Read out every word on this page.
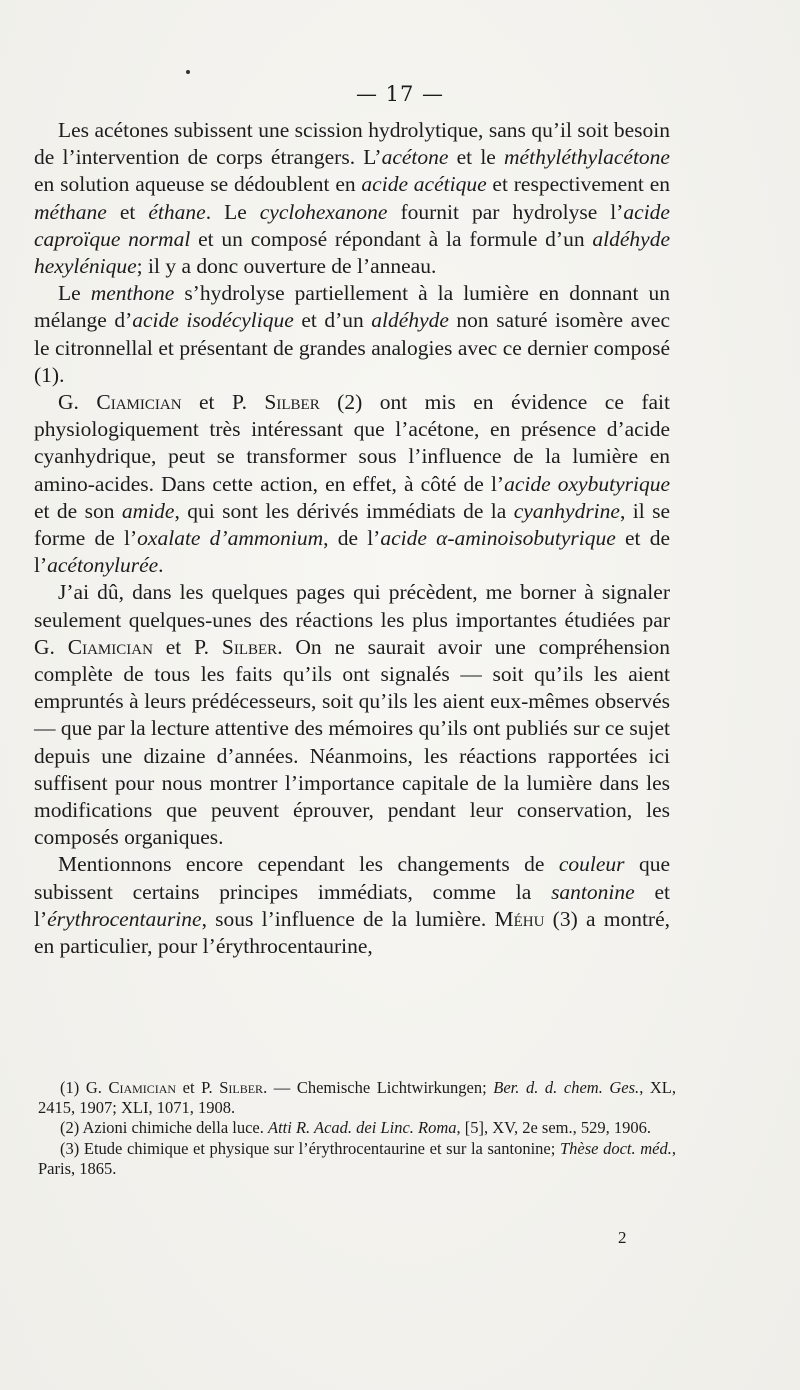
— 17 —

Les acétones subissent une scission hydrolytique, sans qu’il soit besoin de l’intervention de corps étrangers. L’acétone et le méthyléthylacétone en solution aqueuse se dédoublent en acide acétique et respectivement en méthane et éthane. Le cyclohexanone fournit par hydrolyse l’acide caproïque normal et un composé répondant à la formule d’un aldéhyde hexylénique; il y a donc ouverture de l’anneau.

Le menthone s’hydrolyse partiellement à la lumière en donnant un mélange d’acide isodécylique et d’un aldéhyde non saturé isomère avec le citronnellal et présentant de grandes analogies avec ce dernier composé (1).

G. Ciamician et P. Silber (2) ont mis en évidence ce fait physiologiquement très intéressant que l’acétone, en présence d’acide cyanhydrique, peut se transformer sous l’influence de la lumière en amino-acides. Dans cette action, en effet, à côté de l’acide oxybutyrique et de son amide, qui sont les dérivés immédiats de la cyanhydrine, il se forme de l’oxalate d’ammonium, de l’acide α-aminoisobutyrique et de l’acétonylurée.

J’ai dû, dans les quelques pages qui précèdent, me borner à signaler seulement quelques-unes des réactions les plus importantes étudiées par G. Ciamician et P. Silber. On ne saurait avoir une compréhension complète de tous les faits qu’ils ont signalés — soit qu’ils les aient empruntés à leurs prédécesseurs, soit qu’ils les aient eux-mêmes observés — que par la lecture attentive des mémoires qu’ils ont publiés sur ce sujet depuis une dizaine d’années. Néanmoins, les réactions rapportées ici suffisent pour nous montrer l’importance capitale de la lumière dans les modifications que peuvent éprouver, pendant leur conservation, les composés organiques.

Mentionnons encore cependant les changements de couleur que subissent certains principes immédiats, comme la santonine et l’érythrocentaurine, sous l’influence de la lumière. Méhu (3) a montré, en particulier, pour l’érythrocentaurine,

(1) G. Ciamician et P. Silber. — Chemische Lichtwirkungen; Ber. d. d. chem. Ges., XL, 2415, 1907; XLI, 1071, 1908.

(2) Azioni chimiche della luce. Atti R. Acad. dei Linc. Roma, [5], XV, 2e sem., 529, 1906.

(3) Etude chimique et physique sur l’érythrocentaurine et sur la santonine; Thèse doct. méd., Paris, 1865.

2
